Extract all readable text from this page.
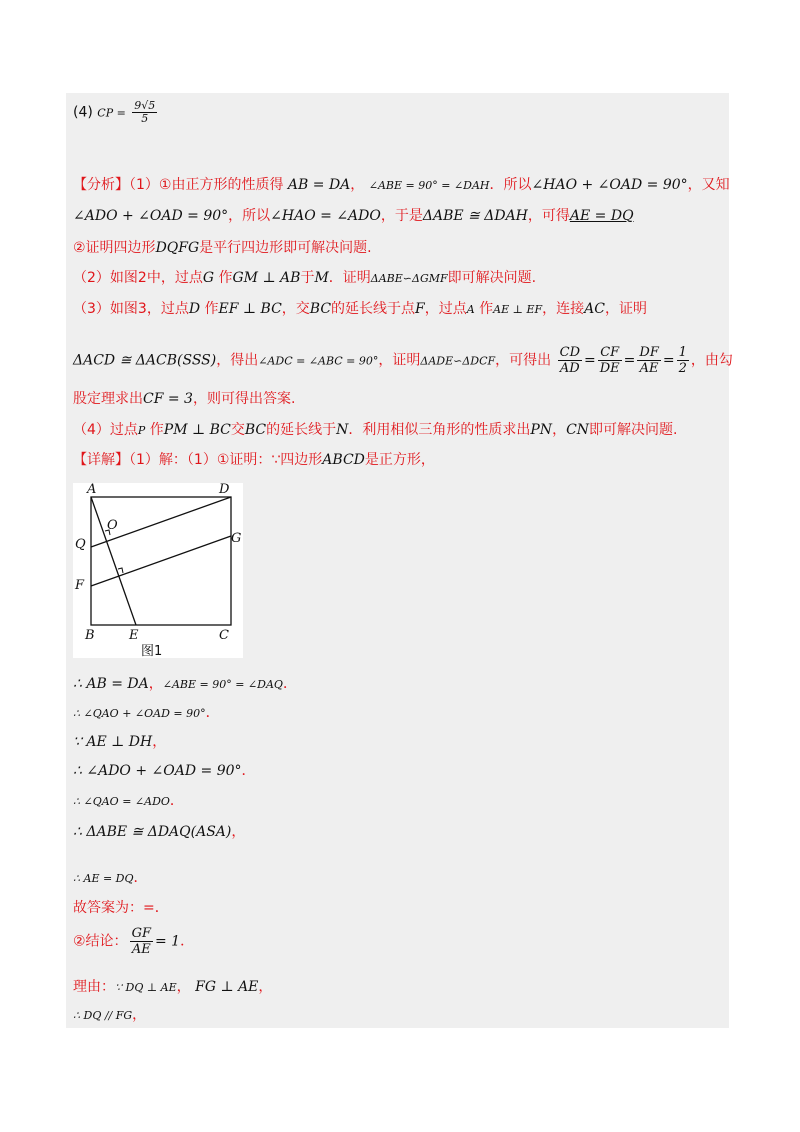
(4) CP = $\frac{9√5}{5}$
【分析】（1）①由正方形的性质得 AB = DA， ∠ABE = 90° = ∠DAH．所以∠HAO + ∠OAD = 90°，又知
∠ADO + ∠OAD = 90°，所以∠HAO = ∠ADO，于是ΔABE ≅ ΔDAH，可得AE = DQ
②证明四边形DQFG是平行四边形即可解决问题.
（2）如图2中，过点G 作GM ⊥ AB于M．证明ΔABE∽ΔGMF即可解决问题.
（3）如图3，过点D 作EF ⊥ BC，交BC的延长线于点F，过点A 作AE ⊥ EF，连接AC，证明
ΔACD ≅ ΔACB(SSS)，得出∠ADC = ∠ABC = 90°，证明ΔADE∽ΔDCF，可得出 $\frac{CD}{AD} = \frac{CF}{DE} = \frac{DF}{AE} = \frac{1}{2}$ ，由勾
股定理求出CF = 3，则可得出答案.
（4）过点P 作PM ⊥ BC交BC的延长线于N．利用相似三角形的性质求出PN，CN即可解决问题.
【详解】（1）解：（1）①证明：∵四边形ABCD是正方形，
A	D
O
Q	G
F
B	E	C
图1
∴ AB = DA，∠ABE = 90° = ∠DAQ．
∴ ∠QAO + ∠OAD = 90°．
∵ AE ⊥ DH，
∴ ∠ADO + ∠OAD = 90°．
∴ ∠QAO = ∠ADO．
∴ ΔABE ≅ ΔDAQ(ASA)，
∴ AE = DQ．
故答案为：=．
②结论： $\frac{GF}{AE} = 1$．
理由：∵ DQ ⊥ AE， FG ⊥ AE，
∴ DQ // FG，
